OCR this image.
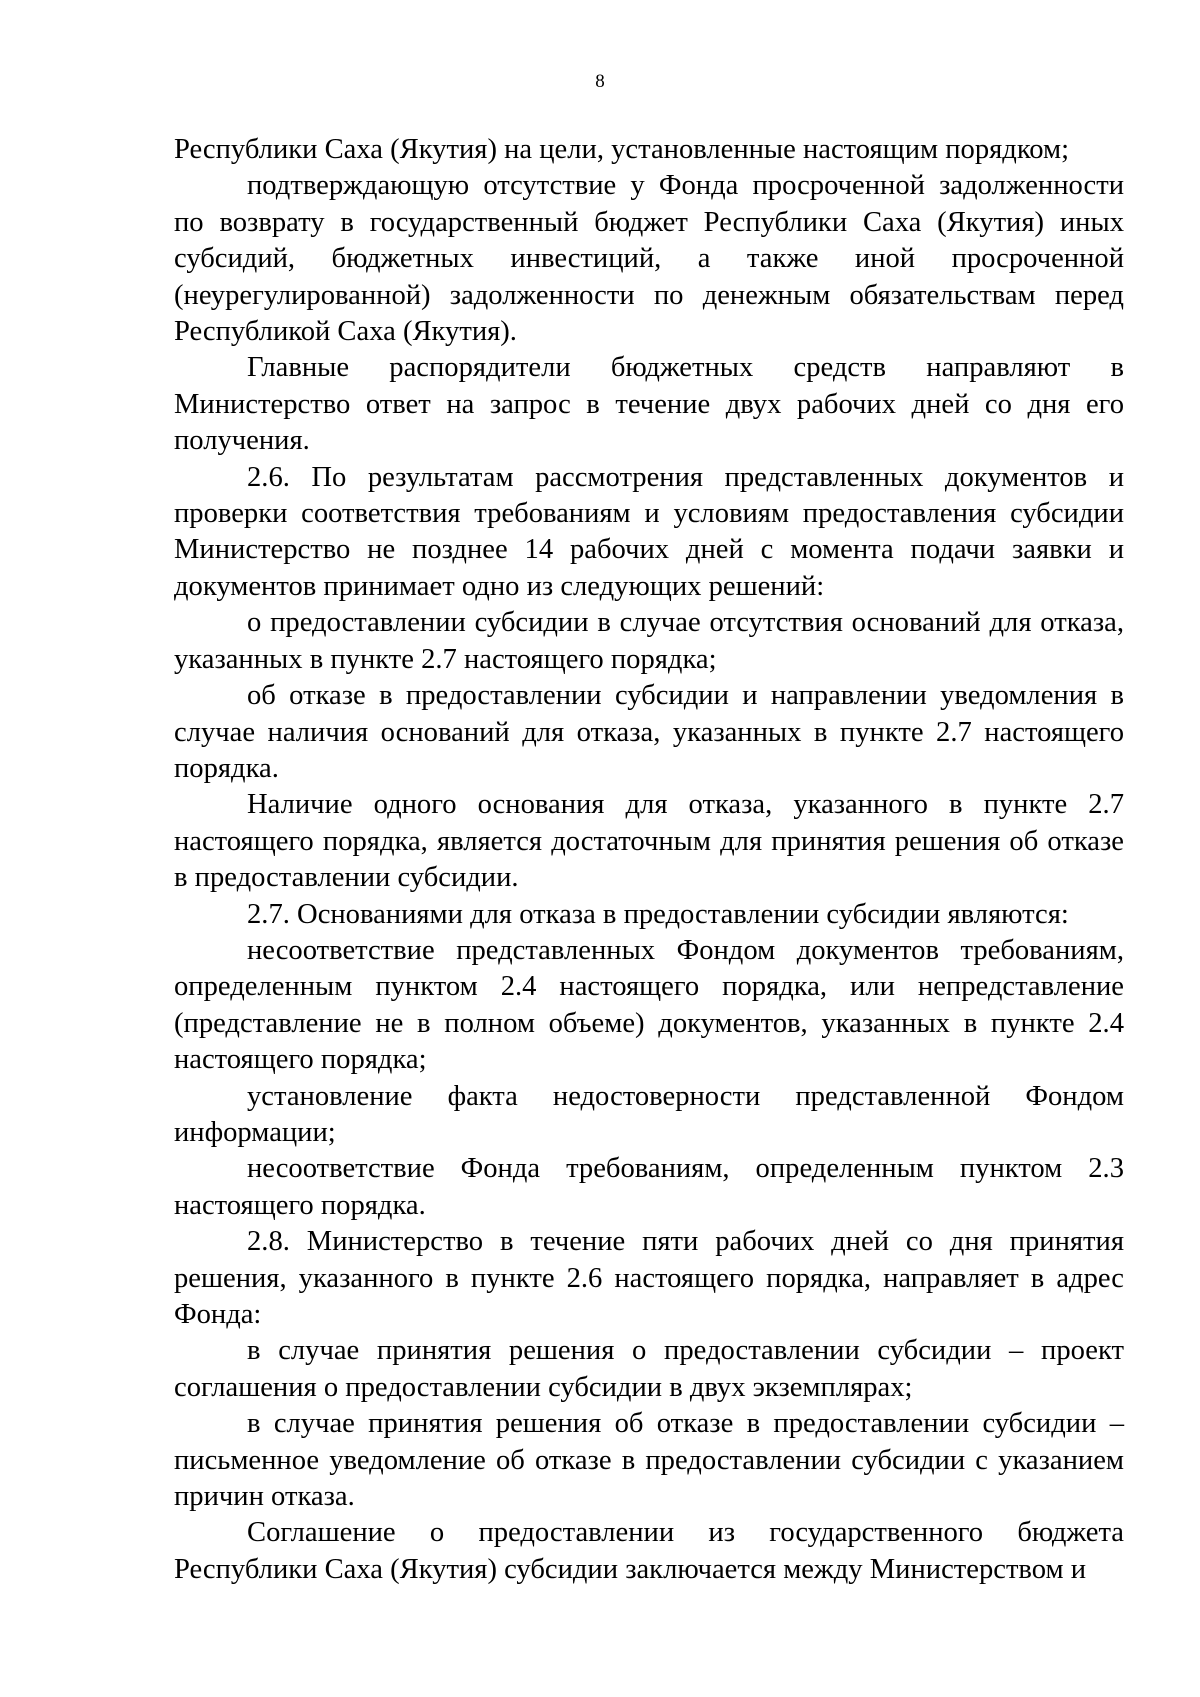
8

Республики Саха (Якутия) на цели, установленные настоящим порядком;

подтверждающую отсутствие у Фонда просроченной задолженности по возврату в государственный бюджет Республики Саха (Якутия) иных субсидий, бюджетных инвестиций, а также иной просроченной (неурегулированной) задолженности по денежным обязательствам перед Республикой Саха (Якутия).

Главные распорядители бюджетных средств направляют в Министерство ответ на запрос в течение двух рабочих дней со дня его получения.

2.6. По результатам рассмотрения представленных документов и проверки соответствия требованиям и условиям предоставления субсидии Министерство не позднее 14 рабочих дней с момента подачи заявки и документов принимает одно из следующих решений:

о предоставлении субсидии в случае отсутствия оснований для отказа, указанных в пункте 2.7 настоящего порядка;

об отказе в предоставлении субсидии и направлении уведомления в случае наличия оснований для отказа, указанных в пункте 2.7 настоящего порядка.

Наличие одного основания для отказа, указанного в пункте 2.7 настоящего порядка, является достаточным для принятия решения об отказе в предоставлении субсидии.

2.7. Основаниями для отказа в предоставлении субсидии являются:

несоответствие представленных Фондом документов требованиям, определенным пунктом 2.4 настоящего порядка, или непредставление (представление не в полном объеме) документов, указанных в пункте 2.4 настоящего порядка;

установление факта недостоверности представленной Фондом информации;

несоответствие Фонда требованиям, определенным пунктом 2.3 настоящего порядка.

2.8. Министерство в течение пяти рабочих дней со дня принятия решения, указанного в пункте 2.6 настоящего порядка, направляет в адрес Фонда:

в случае принятия решения о предоставлении субсидии – проект соглашения о предоставлении субсидии в двух экземплярах;

в случае принятия решения об отказе в предоставлении субсидии – письменное уведомление об отказе в предоставлении субсидии с указанием причин отказа.

Соглашение о предоставлении из государственного бюджета Республики Саха (Якутия) субсидии заключается между Министерством и
